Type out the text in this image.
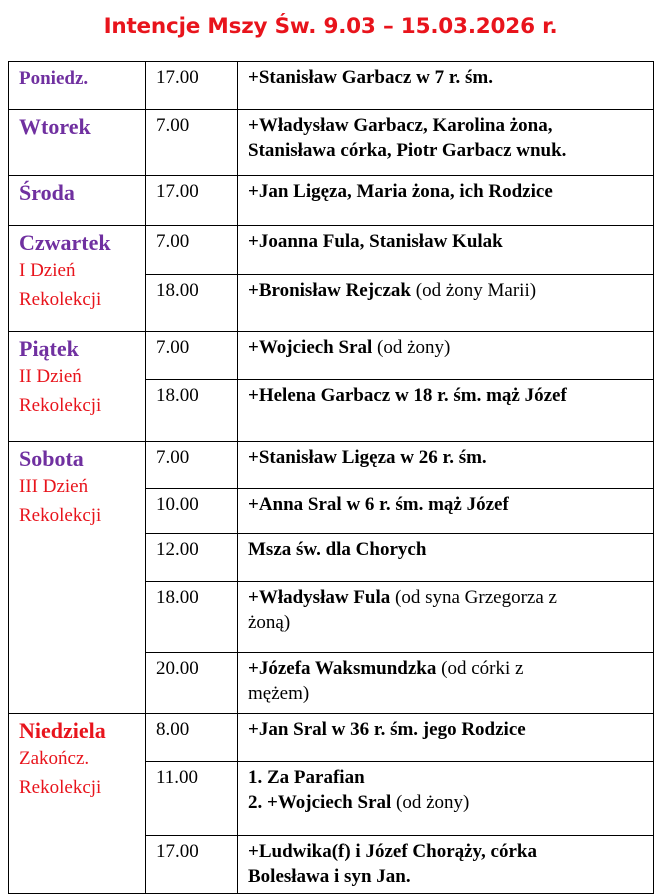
Intencje Mszy Św. 9.03 – 15.03.2026 r.
Poniedz.	17.00	+Stanisław Garbacz w 7 r. śm.

Wtorek	7.00	+Władysław Garbacz, Karolina żona,
Stanisława córka, Piotr Garbacz wnuk.

Środa	17.00	+Jan Ligęza, Maria żona, ich Rodzice

Czwartek
I Dzień
Rekolekcji	7.00	+Joanna Fula, Stanisław Kulak

	18.00	+Bronisław Rejczak (od żony Marii)

Piątek
II Dzień
Rekolekcji	7.00	+Wojciech Sral (od żony)

	18.00	+Helena Garbacz w 18 r. śm. mąż Józef

Sobota
III Dzień
Rekolekcji	7.00	+Stanisław Ligęza w 26 r. śm.

	10.00	+Anna Sral w 6 r. śm. mąż Józef

	12.00	Msza św. dla Chorych

	18.00	+Władysław Fula (od syna Grzegorza z
żoną)

	20.00	+Józefa Waksmundzka (od córki z
mężem)

Niedziela
Zakończ.
Rekolekcji	8.00	+Jan Sral w 36 r. śm. jego Rodzice

	11.00	1. Za Parafian
2. +Wojciech Sral (od żony)

	17.00	+Ludwika(f) i Józef Chorąży, córka
Bolesława i syn Jan.
